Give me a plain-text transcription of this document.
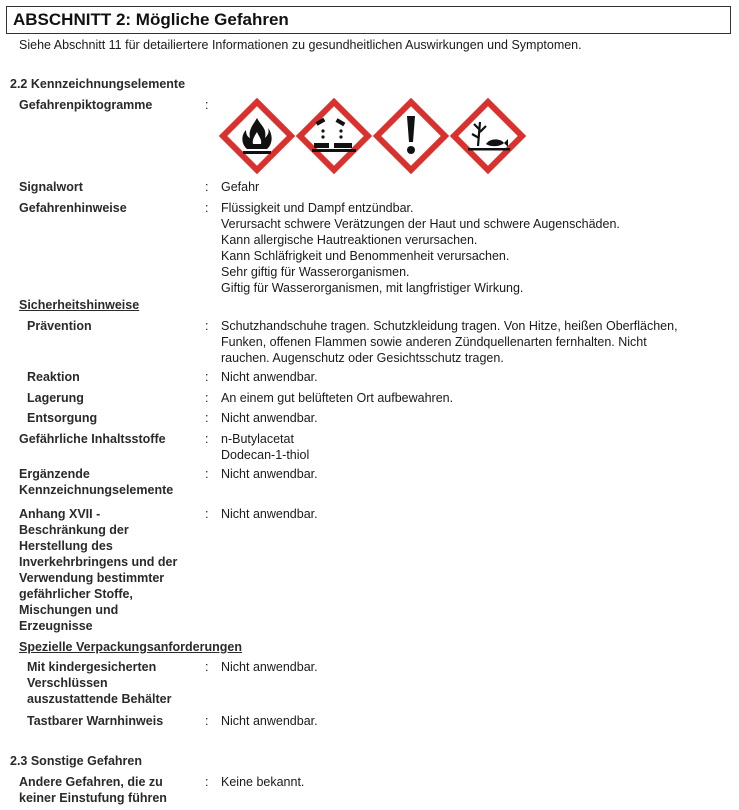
ABSCHNITT 2: Mögliche Gefahren
Siehe Abschnitt 11 für detailiertere Informationen zu gesundheitlichen Auswirkungen und Symptomen.
2.2 Kennzeichnungselemente
Gefahrenpiktogramme	:
Signalwort	: Gefahr
Gefahrenhinweise	: Flüssigkeit und Dampf entzündbar.
Verursacht schwere Verätzungen der Haut und schwere Augenschäden.
Kann allergische Hautreaktionen verursachen.
Kann Schläfrigkeit und Benommenheit verursachen.
Sehr giftig für Wasserorganismen.
Giftig für Wasserorganismen, mit langfristiger Wirkung.
Sicherheitshinweise
Prävention	: Schutzhandschuhe tragen. Schutzkleidung tragen. Von Hitze, heißen Oberflächen,
Funken, offenen Flammen sowie anderen Zündquellenarten fernhalten. Nicht
rauchen. Augenschutz oder Gesichtsschutz tragen.
Reaktion	: Nicht anwendbar.
Lagerung	: An einem gut belüfteten Ort aufbewahren.
Entsorgung	: Nicht anwendbar.
Gefährliche Inhaltsstoffe	: n-Butylacetat
Dodecan-1-thiol
Ergänzende
Kennzeichnungselemente
: Nicht anwendbar.
Anhang XVII -
Beschränkung der
Herstellung des
Inverkehrbringens und der
Verwendung bestimmter
gefährlicher Stoffe,
Mischungen und
Erzeugnisse
: Nicht anwendbar.
Spezielle Verpackungsanforderungen
Mit kindergesicherten
Verschlüssen
auszustattende Behälter
: Nicht anwendbar.
Tastbarer Warnhinweis	: Nicht anwendbar.
2.3 Sonstige Gefahren
Andere Gefahren, die zu
keiner Einstufung führen
: Keine bekannt.
